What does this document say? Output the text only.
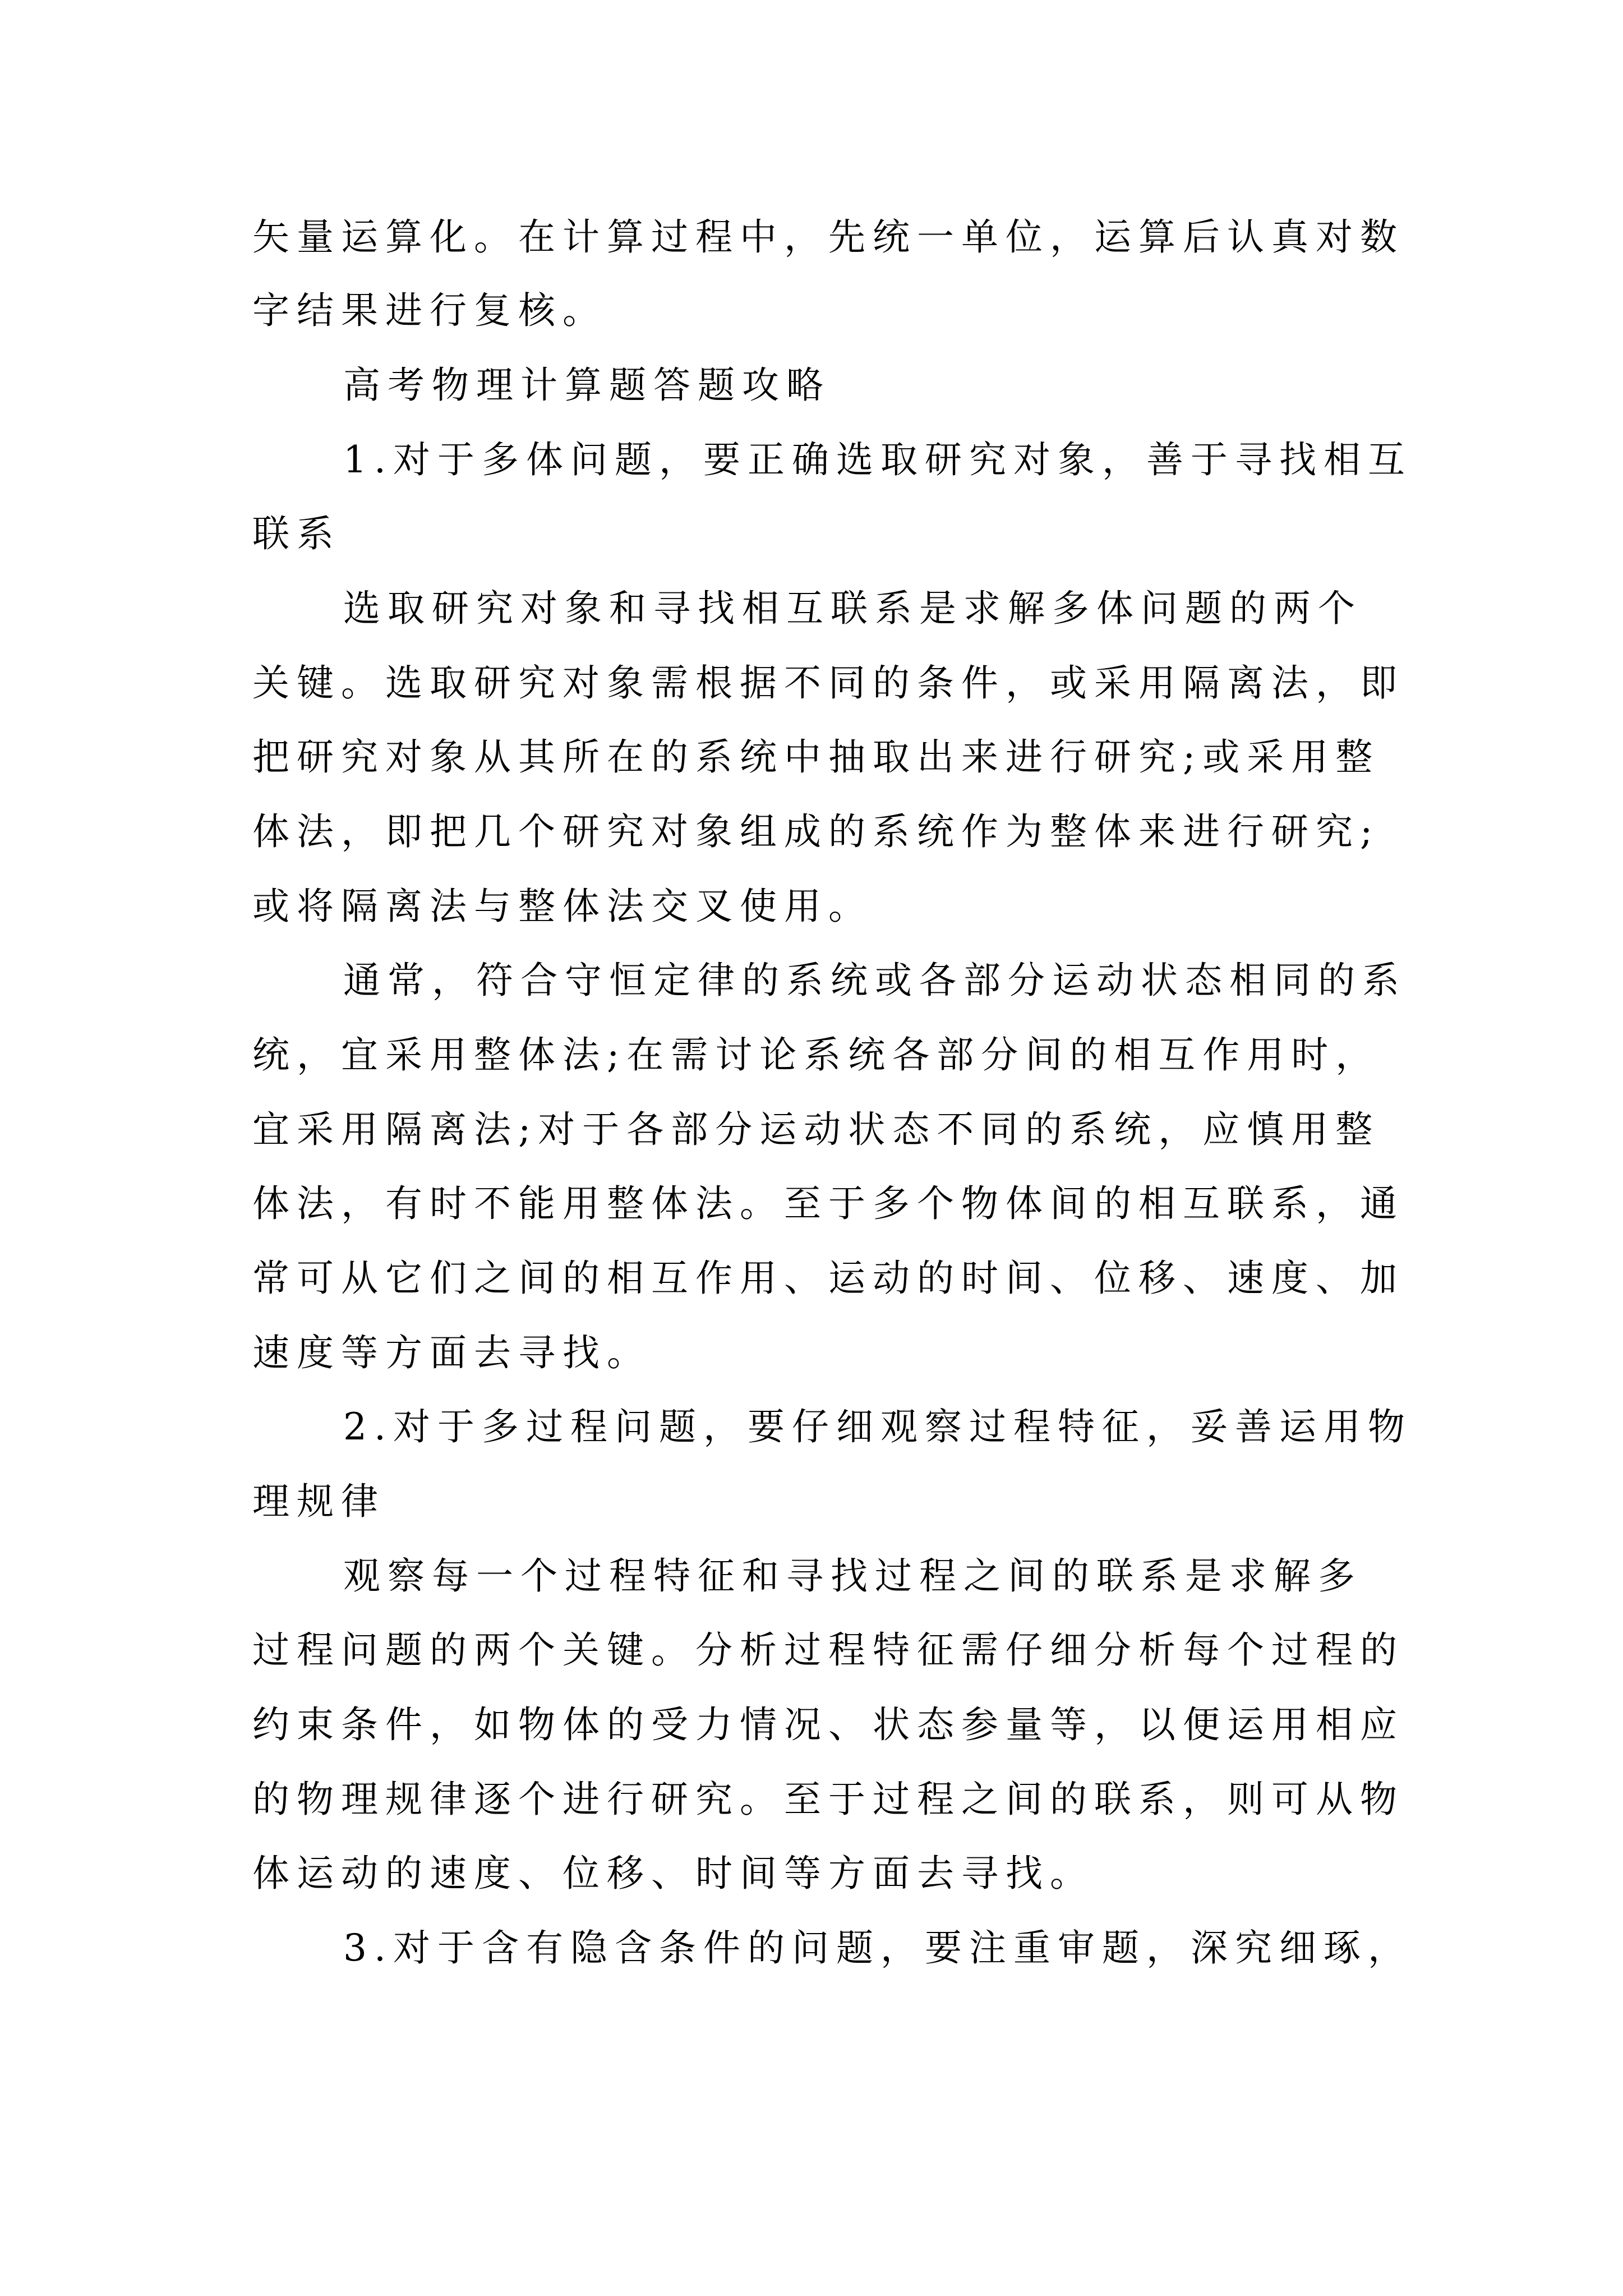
矢量运算化。在计算过程中，先统一单位，运算后认真对数
字结果进行复核。
高考物理计算题答题攻略
1.对于多体问题，要正确选取研究对象，善于寻找相互
联系
选取研究对象和寻找相互联系是求解多体问题的两个
关键。选取研究对象需根据不同的条件，或采用隔离法，即
把研究对象从其所在的系统中抽取出来进行研究;或采用整
体法，即把几个研究对象组成的系统作为整体来进行研究;
或将隔离法与整体法交叉使用。
通常，符合守恒定律的系统或各部分运动状态相同的系
统，宜采用整体法;在需讨论系统各部分间的相互作用时，
宜采用隔离法;对于各部分运动状态不同的系统，应慎用整
体法，有时不能用整体法。至于多个物体间的相互联系，通
常可从它们之间的相互作用、运动的时间、位移、速度、加
速度等方面去寻找。
2.对于多过程问题，要仔细观察过程特征，妥善运用物
理规律
观察每一个过程特征和寻找过程之间的联系是求解多
过程问题的两个关键。分析过程特征需仔细分析每个过程的
约束条件，如物体的受力情况、状态参量等，以便运用相应
的物理规律逐个进行研究。至于过程之间的联系，则可从物
体运动的速度、位移、时间等方面去寻找。
3.对于含有隐含条件的问题，要注重审题，深究细琢，
